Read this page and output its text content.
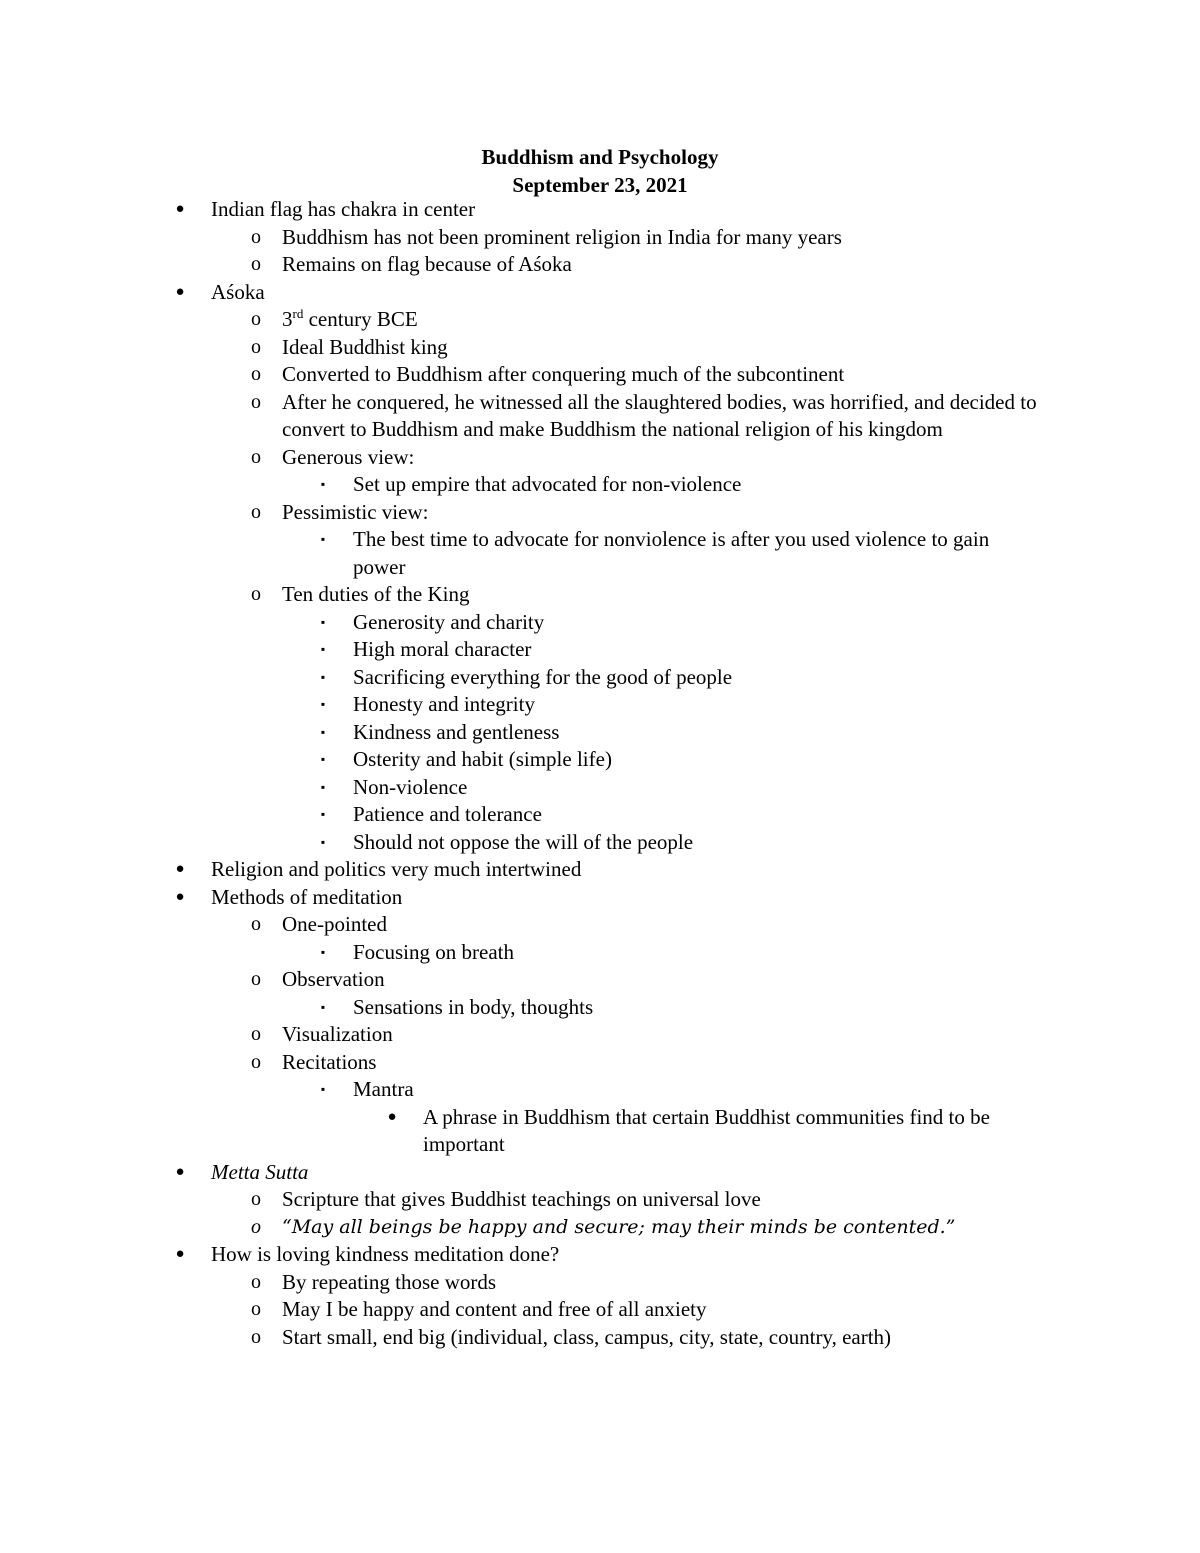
Buddhism and Psychology
September 23, 2021
●	Indian flag has chakra in center
o Buddhism has not been prominent religion in India for many years
o Remains on flag because of Aśoka
●	Aśoka
o 3rd century BCE
o Ideal Buddhist king
o Converted to Buddhism after conquering much of the subcontinent
o After he conquered, he witnessed all the slaughtered bodies, was horrified, and decided to convert to Buddhism and make Buddhism the national religion of his kingdom
o Generous view:
▪	Set up empire that advocated for non-violence
o Pessimistic view:
▪	The best time to advocate for nonviolence is after you used violence to gain power
o Ten duties of the King
▪	Generosity and charity
▪	High moral character
▪	Sacrificing everything for the good of people
▪	Honesty and integrity
▪	Kindness and gentleness
▪	Osterity and habit (simple life)
▪	Non-violence
▪	Patience and tolerance
▪	Should not oppose the will of the people
●	Religion and politics very much intertwined
●	Methods of meditation
o One-pointed
▪	Focusing on breath
o Observation
▪	Sensations in body, thoughts
o Visualization
o Recitations
▪	Mantra
●	A phrase in Buddhism that certain Buddhist communities find to be important
●	Metta Sutta
o Scripture that gives Buddhist teachings on universal love
o	“May all beings be happy and secure; may their minds be contented.”
●	How is loving kindness meditation done?
o By repeating those words
o May I be happy and content and free of all anxiety
o Start small, end big (individual, class, campus, city, state, country, earth)
